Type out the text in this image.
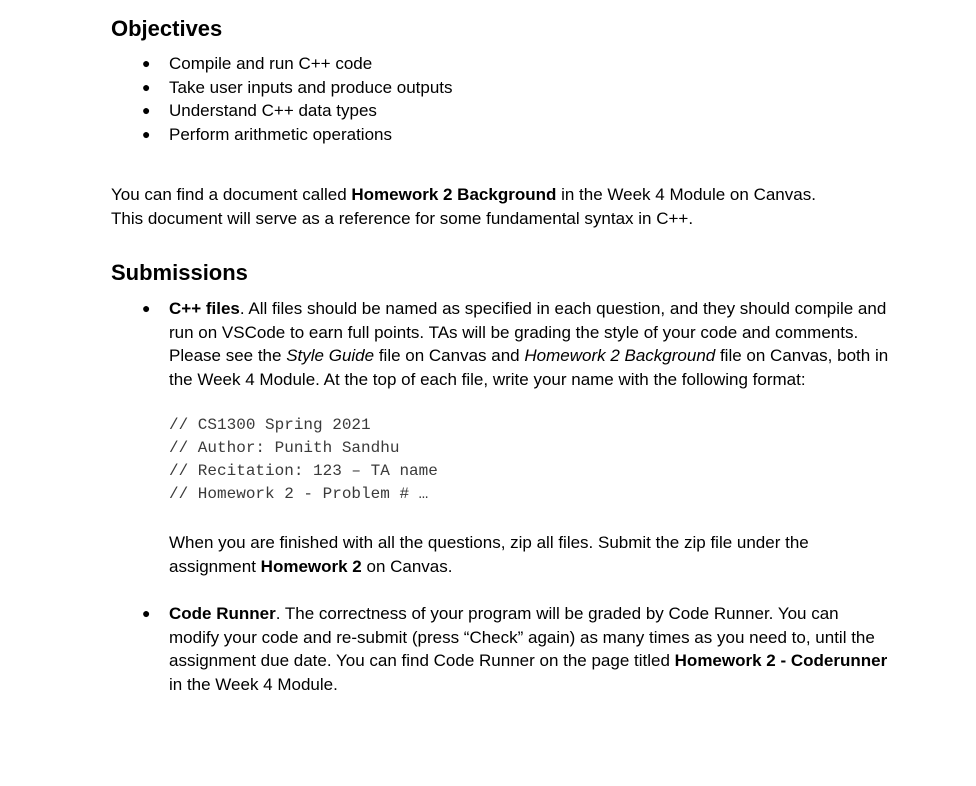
Objectives
● Compile and run C++ code
● Take user inputs and produce outputs
● Understand C++ data types
● Perform arithmetic operations

You can find a document called Homework 2 Background in the Week 4 Module on Canvas.
This document will serve as a reference for some fundamental syntax in C++.

Submissions
● C++ files. All files should be named as specified in each question, and they should compile and run on VSCode to earn full points. TAs will be grading the style of your code and comments. Please see the Style Guide file on Canvas and Homework 2 Background file on Canvas, both in the Week 4 Module. At the top of each file, write your name with the following format:
// CS1300 Spring 2021
// Author: Punith Sandhu
// Recitation: 123 – TA name
// Homework 2 - Problem # …
When you are finished with all the questions, zip all files. Submit the zip file under the assignment Homework 2 on Canvas.
● Code Runner. The correctness of your program will be graded by Code Runner. You can modify your code and re-submit (press “Check” again) as many times as you need to, until the assignment due date. You can find Code Runner on the page titled Homework 2 - Coderunner in the Week 4 Module.
